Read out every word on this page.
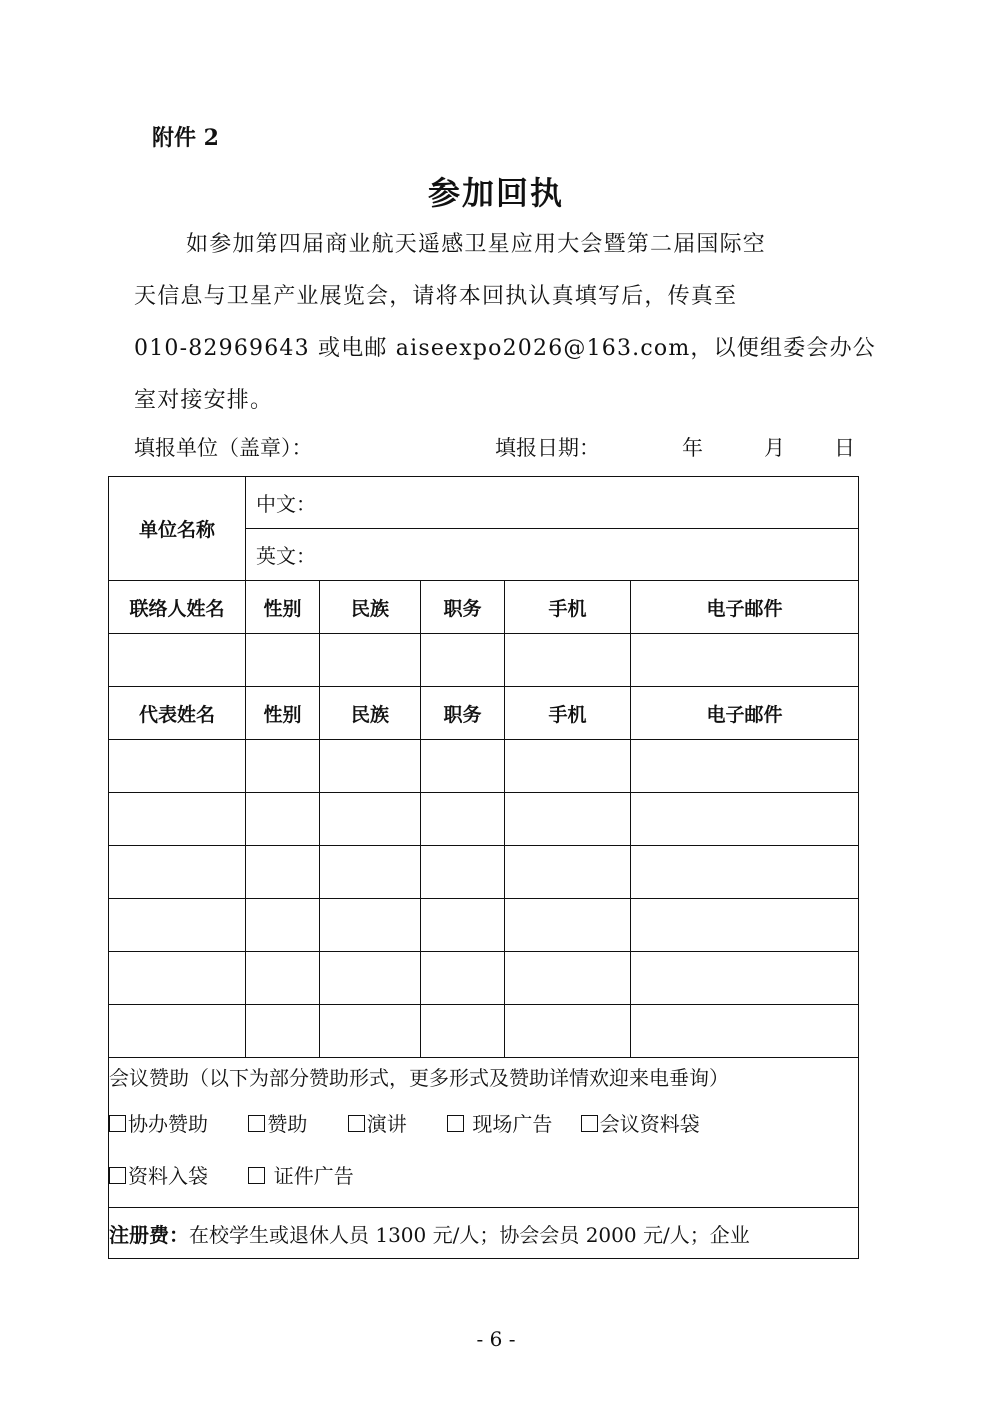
附件 2
参加回执
如参加第四届商业航天遥感卫星应用大会暨第二届国际空
天信息与卫星产业展览会，请将本回执认真填写后，传真至
010-82969643 或电邮 aiseexpo2026@163.com，以便组委会办公
室对接安排。
填报单位（盖章）：	填报日期：	年	月 日
单位名称	中文：				
	英文：				
联络人姓名	性别	民族	职务	手机	电子邮件

代表姓名	性别	民族	职务	手机	电子邮件

会议赞助（以下为部分赞助形式，更多形式及赞助详情欢迎来电垂询）
协办赞助 赞助 演讲 现场广告 会议资料袋
资料入袋 证件广告					

注册费：在校学生或退休人员 1300 元/人；协会会员 2000 元/人；企业					
- 6 -
